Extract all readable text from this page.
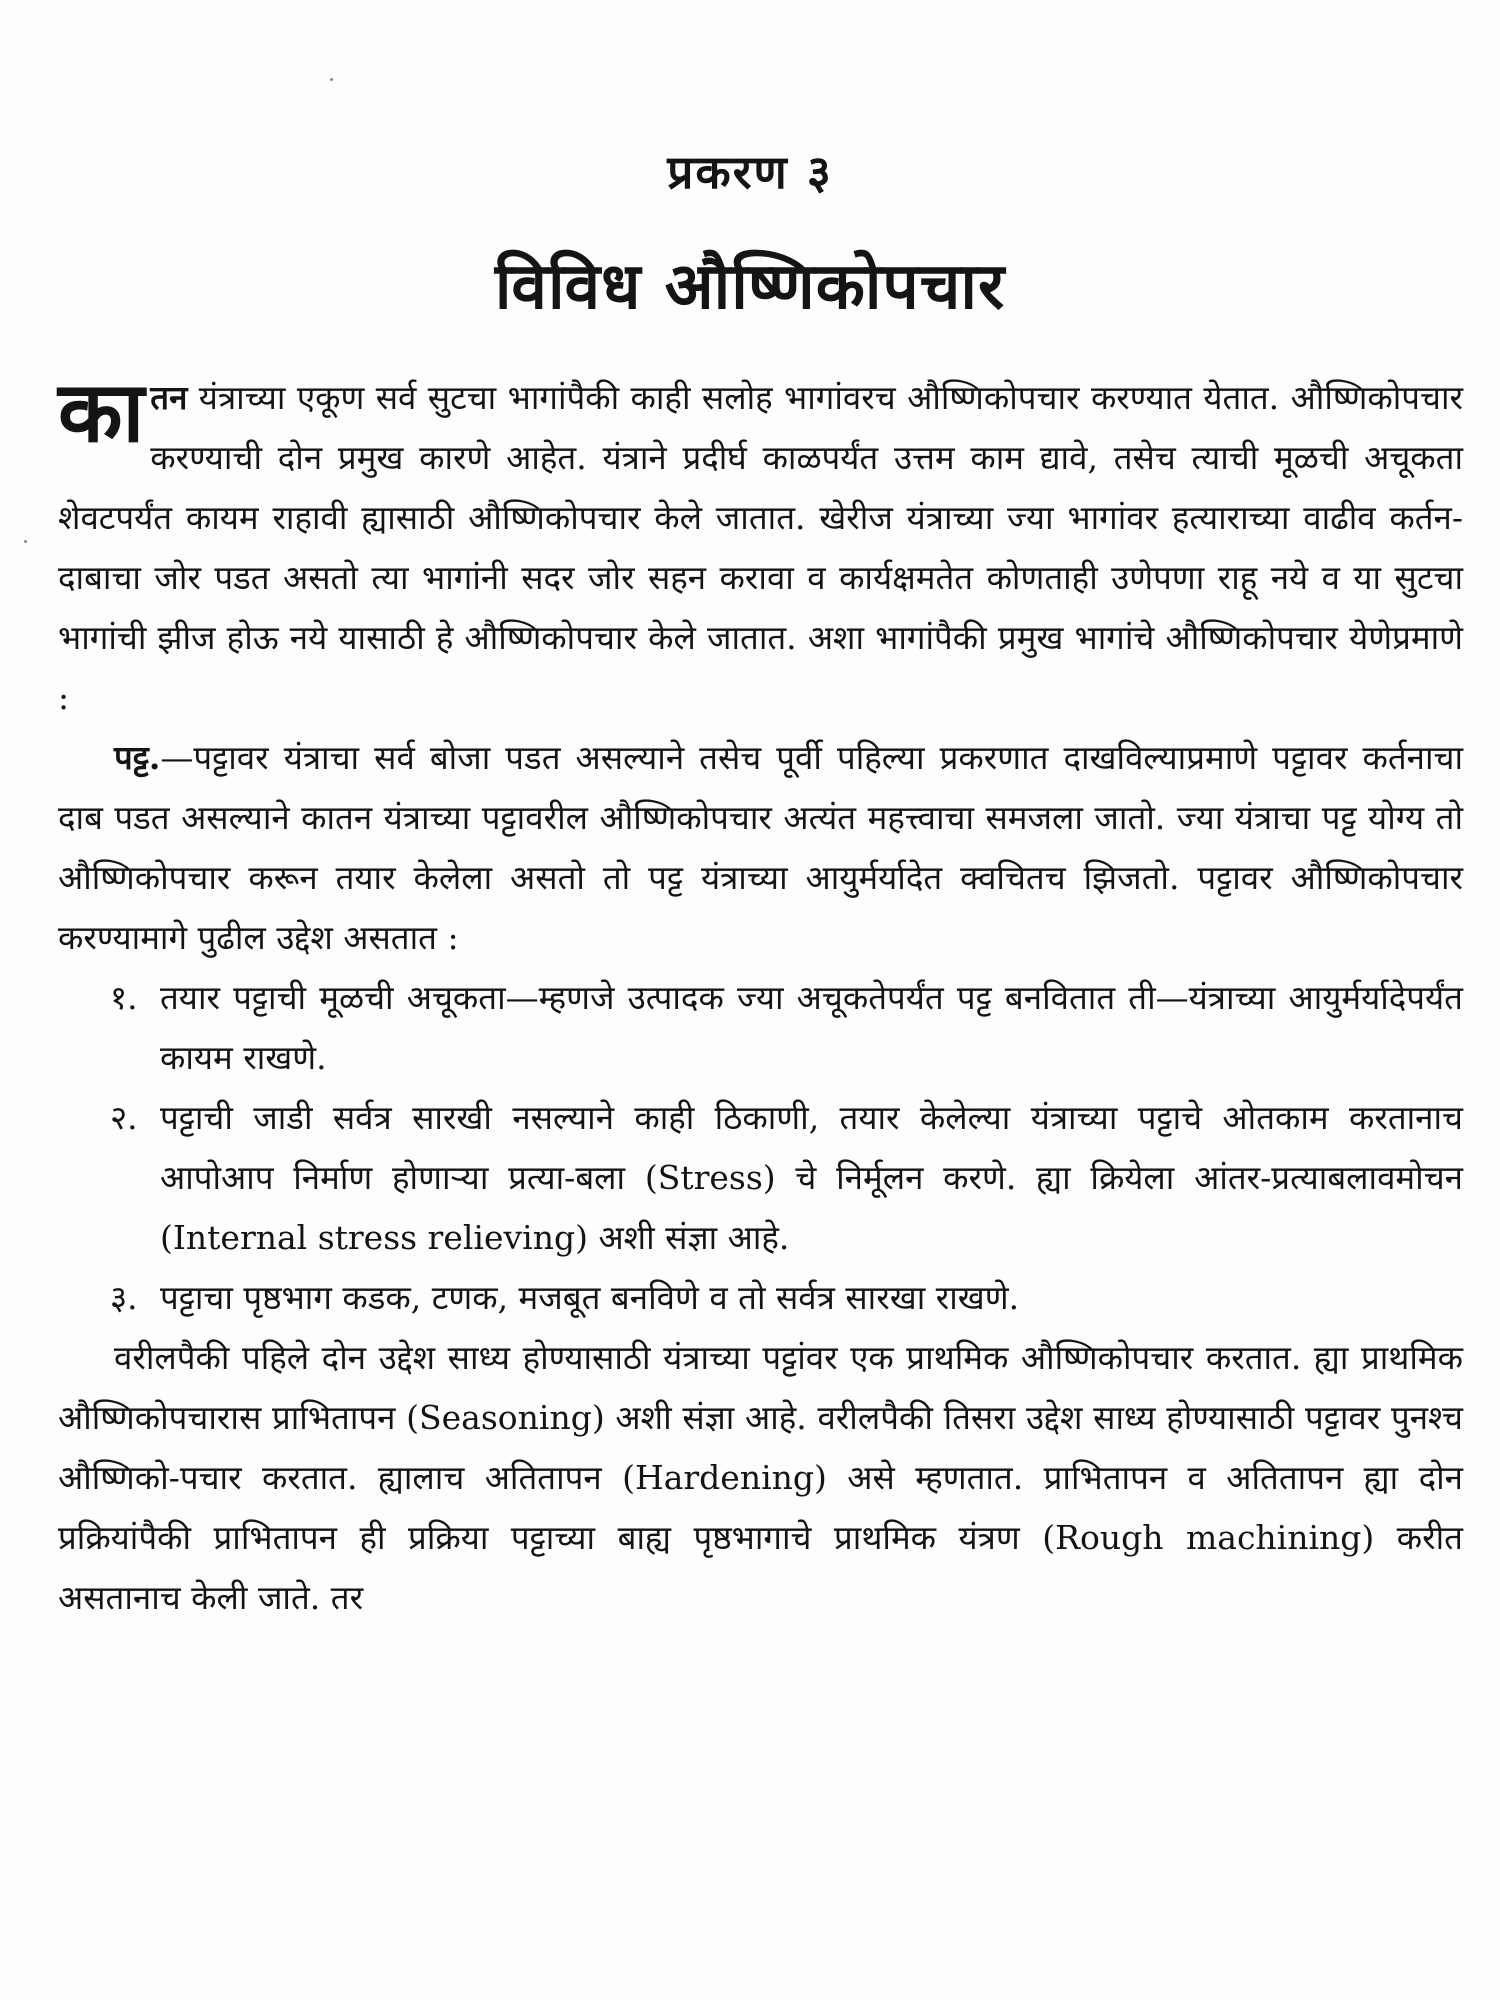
प्रकरण ३
विविध औष्णिकोपचार

कातन यंत्राच्या एकूण सर्व सुटचा भागांपैकी काही सलोह भागांवरच औष्णिकोपचार करण्यात येतात. औष्णिकोपचार करण्याची दोन प्रमुख कारणे आहेत. यंत्राने प्रदीर्घ काळपर्यंत उत्तम काम द्यावे, तसेच त्याची मूळची अचूकता शेवटपर्यंत कायम राहावी ह्यासाठी औष्णिकोपचार केले जातात. खेरीज यंत्राच्या ज्या भागांवर हत्याराच्या वाढीव कर्तन-दाबाचा जोर पडत असतो त्या भागांनी सदर जोर सहन करावा व कार्यक्षमतेत कोणताही उणेपणा राहू नये व या सुटचा भागांची झीज होऊ नये यासाठी हे औष्णिकोपचार केले जातात. अशा भागांपैकी प्रमुख भागांचे औष्णिकोपचार येणेप्रमाणे :

पट्ट.—पट्टावर यंत्राचा सर्व बोजा पडत असल्याने तसेच पूर्वी पहिल्या प्रकरणात दाखविल्याप्रमाणे पट्टावर कर्तनाचा दाब पडत असल्याने कातन यंत्राच्या पट्टावरील औष्णिकोपचार अत्यंत महत्त्वाचा समजला जातो. ज्या यंत्राचा पट्ट योग्य तो औष्णिकोपचार करून तयार केलेला असतो तो पट्ट यंत्राच्या आयुर्मर्यादेत क्वचितच झिजतो. पट्टावर औष्णिकोपचार करण्यामागे पुढील उद्देश असतात :

१. तयार पट्टाची मूळची अचूकता—म्हणजे उत्पादक ज्या अचूकतेपर्यंत पट्ट बनवितात ती—यंत्राच्या आयुर्मर्यादेपर्यंत कायम राखणे.
२. पट्टाची जाडी सर्वत्र सारखी नसल्याने काही ठिकाणी, तयार केलेल्या यंत्राच्या पट्टाचे ओतकाम करतानाच आपोआप निर्माण होणाऱ्या प्रत्या-बला (Stress) चे निर्मूलन करणे. ह्या क्रियेला आंतर-प्रत्याबलावमोचन (Internal stress relieving) अशी संज्ञा आहे.
३. पट्टाचा पृष्ठभाग कडक, टणक, मजबूत बनविणे व तो सर्वत्र सारखा राखणे.

वरीलपैकी पहिले दोन उद्देश साध्य होण्यासाठी यंत्राच्या पट्टांवर एक प्राथमिक औष्णिकोपचार करतात. ह्या प्राथमिक औष्णिकोपचारास प्राभितापन (Seasoning) अशी संज्ञा आहे. वरीलपैकी तिसरा उद्देश साध्य होण्यासाठी पट्टावर पुनश्च औष्णिको-पचार करतात. ह्यालाच अतितापन (Hardening) असे म्हणतात. प्राभितापन व अतितापन ह्या दोन प्रक्रियांपैकी प्राभितापन ही प्रक्रिया पट्टाच्या बाह्य पृष्ठभागाचे प्राथमिक यंत्रण (Rough machining) करीत असतानाच केली जाते. तर
